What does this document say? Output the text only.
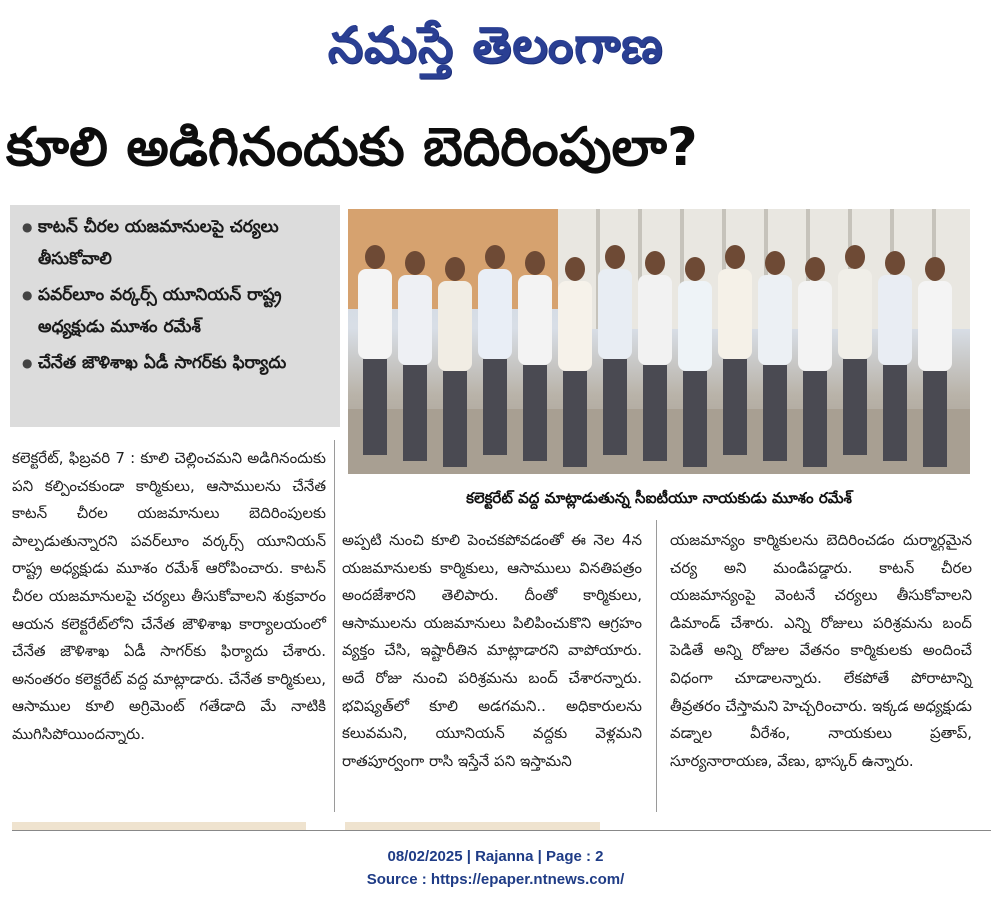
నమస్తే తెలంగాణ
కూలి అడిగినందుకు బెదిరింపులా?
● కాటన్ చీరల యజమానులపై చర్యలు తీసుకోవాలి
● పవర్‌లూం వర్కర్స్ యూనియన్ రాష్ట్ర అధ్యక్షుడు మూశం రమేశ్
● చేనేత జౌళిశాఖ ఏడీ సాగర్‌కు ఫిర్యాదు
కలెక్టరేట్ వద్ద మాట్లాడుతున్న సీఐటీయూ నాయకుడు మూశం రమేశ్
కలెక్టరేట్, ఫిబ్రవరి 7 : కూలి చెల్లించమని అడిగినందుకు పని కల్పించకుండా కార్మికులు, ఆసాములను చేనేత కాటన్ చీరల యజమానులు బెదిరింపులకు పాల్పడుతున్నారని పవర్‌లూం వర్కర్స్ యూనియన్ రాష్ట్ర అధ్యక్షుడు మూశం రమేశ్ ఆరోపించారు. కాటన్ చీరల యజమానులపై చర్యలు తీసుకోవాలని శుక్రవారం ఆయన కలెక్టరేట్‌లోని చేనేత జౌళిశాఖ కార్యాలయంలో చేనేత జౌళిశాఖ ఏడీ సాగర్‌కు ఫిర్యాదు చేశారు. అనంతరం కలెక్టరేట్ వద్ద మాట్లాడారు. చేనేత కార్మికులు, ఆసాముల కూలి అగ్రిమెంట్ గతేడాది మే నాటికి ముగిసిపోయిందన్నారు.
అప్పటి నుంచి కూలి పెంచకపోవడంతో ఈ నెల 4న యజమానులకు కార్మికులు, ఆసాములు వినతిపత్రం అందజేశారని తెలిపారు. దీంతో కార్మికులు, ఆసాములను యజమానులు పిలిపించుకొని ఆగ్రహం వ్యక్తం చేసి, ఇష్టారీతిన మాట్లాడారని వాపోయారు. అదే రోజు నుంచి పరిశ్రమను బంద్ చేశారన్నారు. భవిష్యత్‌లో కూలి అడగమని.. అధికారులను కలువమని, యూనియన్ వద్దకు వెళ్లమని రాతపూర్వంగా రాసి ఇస్తేనే పని ఇస్తామని
యజమాన్యం కార్మికులను బెదిరించడం దుర్మార్గమైన చర్య అని మండిపడ్డారు. కాటన్ చీరల యజమాన్యంపై వెంటనే చర్యలు తీసుకోవాలని డిమాండ్ చేశారు. ఎన్ని రోజులు పరిశ్రమను బంద్ పెడితే అన్ని రోజుల వేతనం కార్మికులకు అందించే విధంగా చూడాలన్నారు. లేకపోతే పోరాటాన్ని తీవ్రతరం చేస్తామని హెచ్చరించారు. ఇక్కడ అధ్యక్షుడు వడ్నాల వీరేశం, నాయకులు ప్రతాప్, సూర్యనారాయణ, వేణు, భాస్కర్ ఉన్నారు.
08/02/2025 | Rajanna | Page : 2
Source : https://epaper.ntnews.com/
